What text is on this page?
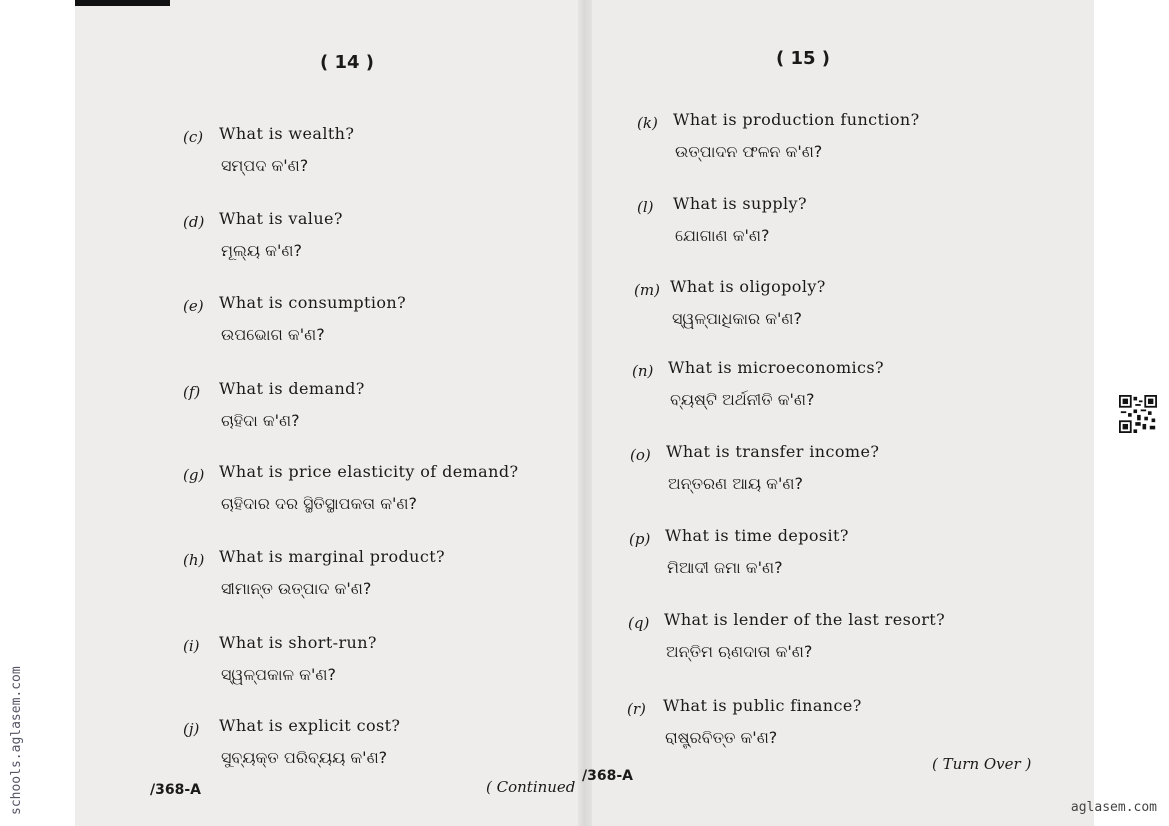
( 14 )	( 15 )
(c) What is wealth?
ସମ୍ପଦ କ'ଣ?
(d) What is value?
ମୂଲ୍ୟ କ'ଣ?
(e) What is consumption?
ଉପଭୋଗ କ'ଣ?
(f) What is demand?
ଚାହିଦା କ'ଣ?
(g) What is price elasticity of demand?
ଚାହିଦାର ଦର ସ୍ଥିତିସ୍ଥାପକତା କ'ଣ?
(h) What is marginal product?
ସୀମାନ୍ତ ଉତ୍ପାଦ କ'ଣ?
(i) What is short-run?
ସ୍ୱଳ୍ପକାଳ କ'ଣ?
(j) What is explicit cost?
ସୁବ୍ୟକ୍ତ ପରିବ୍ୟୟ କ'ଣ?
/368-A	( Continued
(k) What is production function?
ଉତ୍ପାଦନ ଫଳନ କ'ଣ?
(l) What is supply?
ଯୋଗାଣ କ'ଣ?
(m) What is oligopoly?
ସ୍ୱଳ୍ପାଧିକାର କ'ଣ?
(n) What is microeconomics?
ବ୍ୟଷ୍ଟି ଅର୍ଥନୀତି କ'ଣ?
(o) What is transfer income?
ଅନ୍ତରଣ ଆୟ କ'ଣ?
(p) What is time deposit?
ମିଆଦୀ ଜମା କ'ଣ?
(q) What is lender of the last resort?
ଅନ୍ତିମ ଋଣଦାତା କ'ଣ?
(r) What is public finance?
ରାଷ୍ଟ୍ରବିତ୍ତ କ'ଣ?
/368-A
( Turn Over )
schools.aglasem.com	aglasem.com
